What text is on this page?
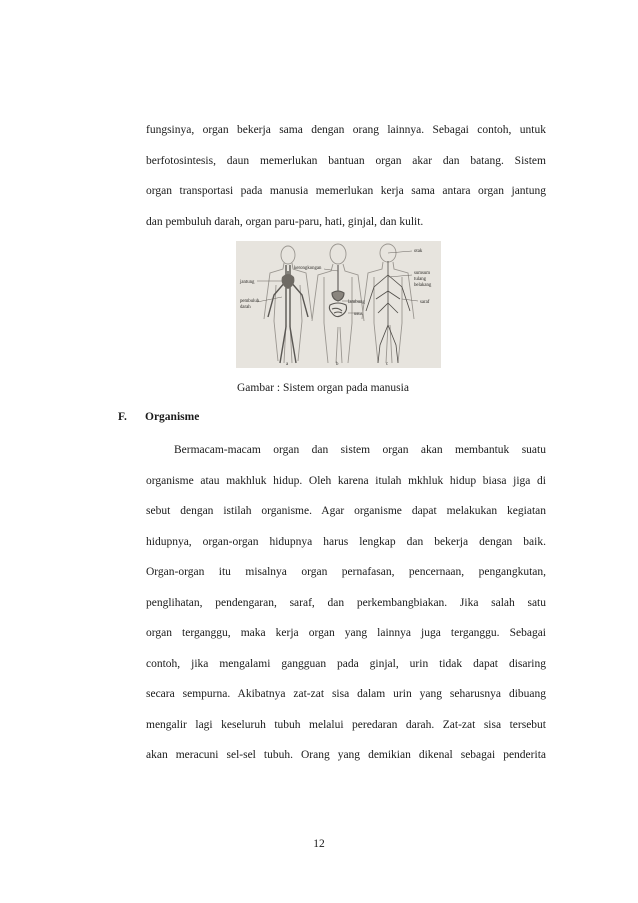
fungsinya, organ bekerja sama dengan orang lainnya. Sebagai contoh, untuk
berfotosintesis, daun memerlukan bantuan organ akar dan batang. Sistem
organ transportasi pada manusia memerlukan kerja sama antara organ jantung
dan pembuluh darah, organ paru-paru, hati, ginjal, dan kulit.
jantung
pembuluh
darah
kerongkongan
lambung
usus
otak
sumsum
tulang
belakang
saraf
a	b	c

Gambar : Sistem organ pada manusia

F. Organisme

Bermacam-macam organ dan sistem organ akan membantuk suatu
organisme atau makhluk hidup. Oleh karena itulah mkhluk hidup biasa jiga di
sebut dengan istilah organisme. Agar organisme dapat melakukan kegiatan
hidupnya, organ-organ hidupnya harus lengkap dan bekerja dengan baik.
Organ-organ itu misalnya organ pernafasan, pencernaan, pengangkutan,
penglihatan, pendengaran, saraf, dan perkembangbiakan. Jika salah satu
organ terganggu, maka kerja organ yang lainnya juga terganggu. Sebagai
contoh, jika mengalami gangguan pada ginjal, urin tidak dapat disaring
secara sempurna. Akibatnya zat-zat sisa dalam urin yang seharusnya dibuang
mengalir lagi keseluruh tubuh melalui peredaran darah. Zat-zat sisa tersebut
akan meracuni sel-sel tubuh. Orang yang demikian dikenal sebagai penderita

12
